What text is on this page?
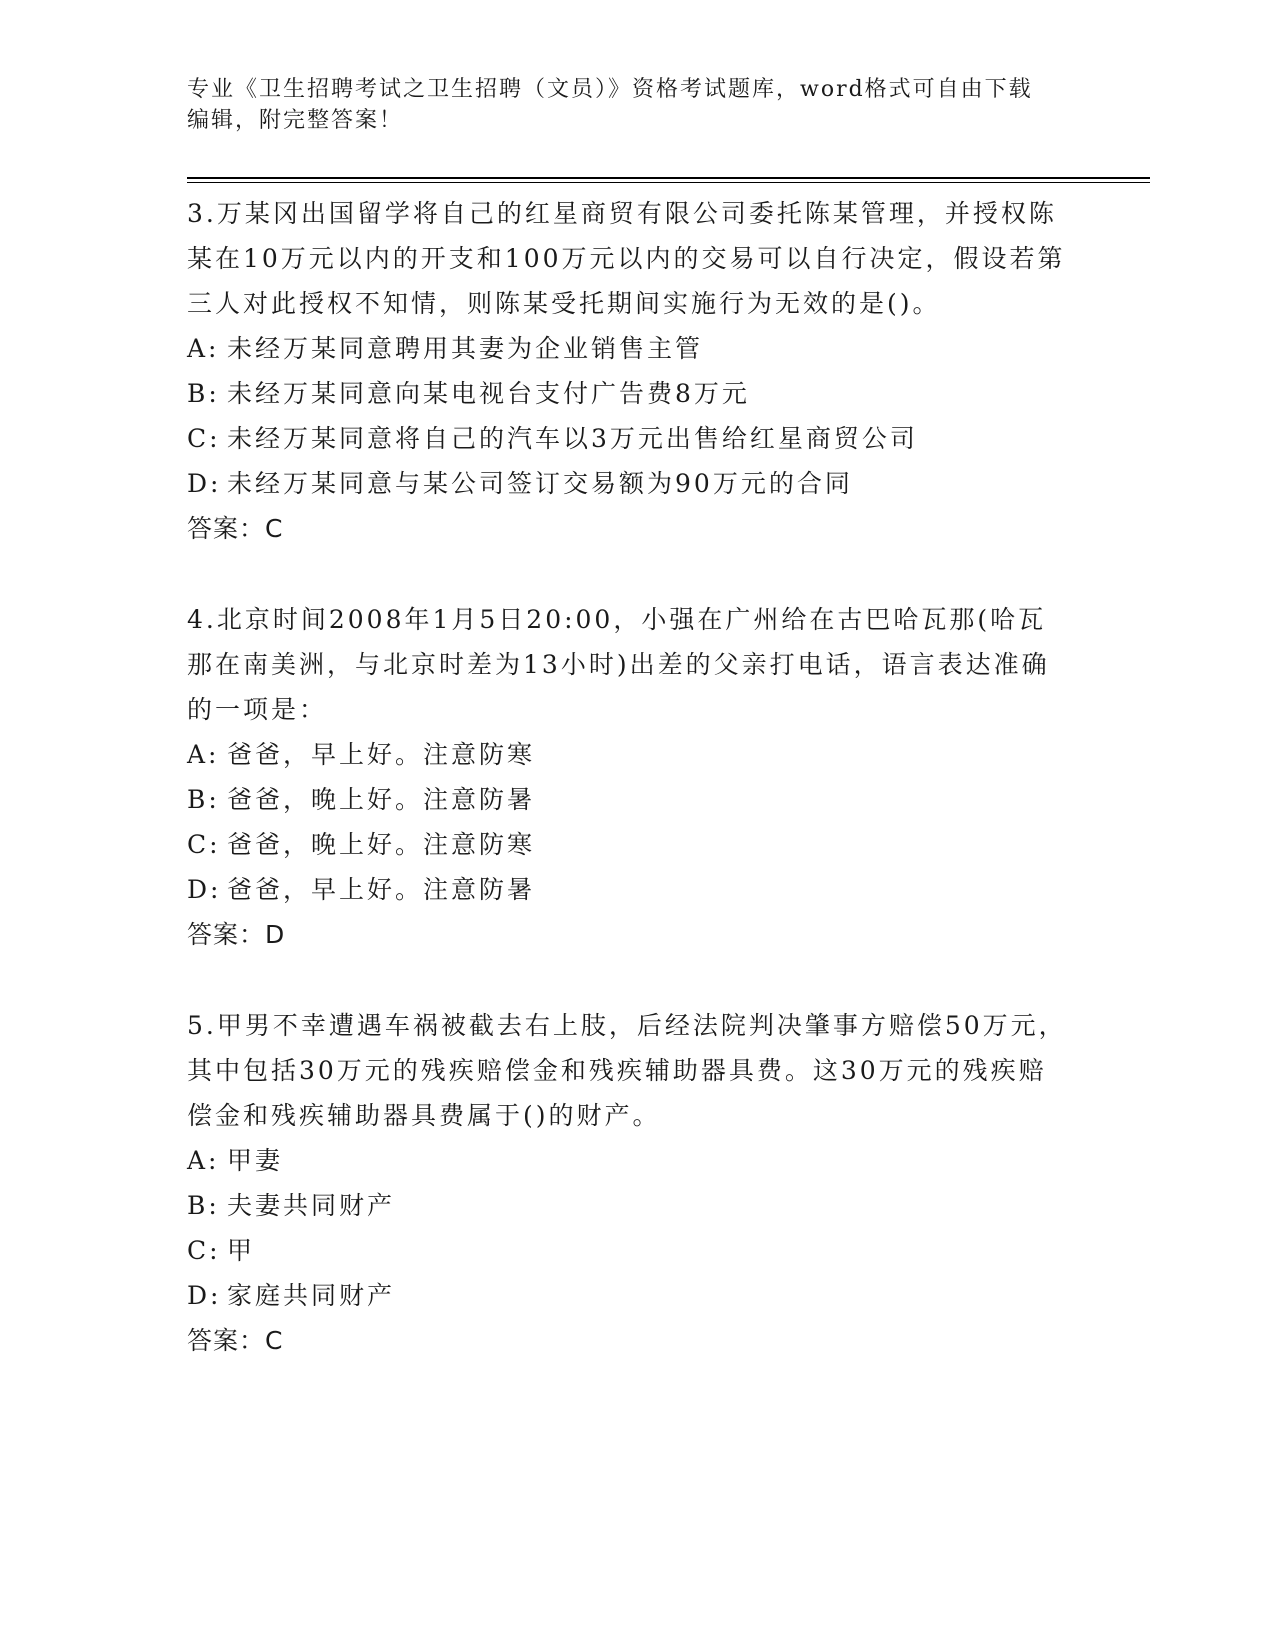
专业《卫生招聘考试之卫生招聘（文员）》资格考试题库，word格式可自由下载
编辑，附完整答案！
3.万某冈出国留学将自己的红星商贸有限公司委托陈某管理，并授权陈某在10万元以内的开支和100万元以内的交易可以自行决定，假设若第三人对此授权不知情，则陈某受托期间实施行为无效的是()。
A: 未经万某同意聘用其妻为企业销售主管
B: 未经万某同意向某电视台支付广告费8万元
C: 未经万某同意将自己的汽车以3万元出售给红星商贸公司
D: 未经万某同意与某公司签订交易额为90万元的合同
答案：C
4.北京时间2008年1月5日20:00，小强在广州给在古巴哈瓦那(哈瓦那在南美洲，与北京时差为13小时)出差的父亲打电话，语言表达准确的一项是：
A: 爸爸，早上好。注意防寒
B: 爸爸，晚上好。注意防暑
C: 爸爸，晚上好。注意防寒
D: 爸爸，早上好。注意防暑
答案：D
5.甲男不幸遭遇车祸被截去右上肢，后经法院判决肇事方赔偿50万元，其中包括30万元的残疾赔偿金和残疾辅助器具费。这30万元的残疾赔偿金和残疾辅助器具费属于()的财产。
A: 甲妻
B: 夫妻共同财产
C: 甲
D: 家庭共同财产
答案：C
